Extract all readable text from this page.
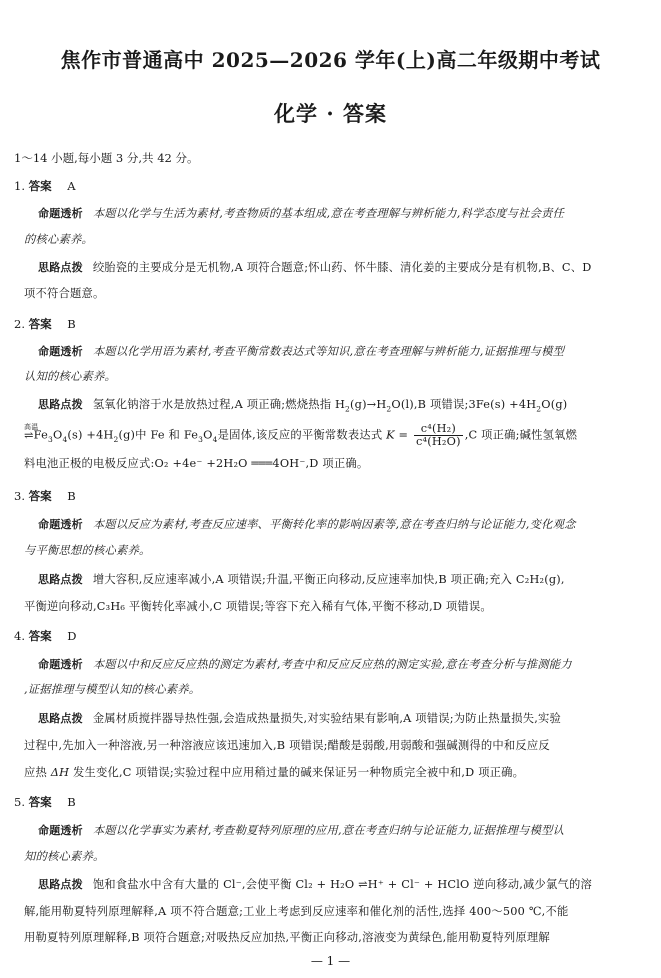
焦作市普通高中 2025—2026 学年(上)高二年级期中考试
化学 · 答案
1～14 小题,每小题 3 分,共 42 分。
1. 答案 A
命题透析 本题以化学与生活为素材,考查物质的基本组成,意在考查理解与辨析能力,科学态度与社会责任
的核心素养。
思路点拨 绞胎瓷的主要成分是无机物,A 项符合题意;怀山药、怀牛膝、清化姜的主要成分是有机物,B、C、D
项不符合题意。
2. 答案 B
命题透析 本题以化学用语为素材,考查平衡常数表达式等知识,意在考查理解与辨析能力,证据推理与模型
认知的核心素养。
思路点拨 氢氧化钠溶于水是放热过程,A 项正确;燃烧热指 $H_2(g)\to H_2O(l),B$ 项错误;3Fe(s) $+4H_2O(g)$
高温
$\rightleftharpoons Fe_3O_4(s) +4H_2(g)$中 Fe 和 $Fe_3O_4$是固体,该反应的平衡常数表达式 $K = \frac{\text{c⁴(H₂)}}{\text{c⁴(H₂O)}} ,C$ 项正确;碱性氢氧燃
料电池正极的电极反应式:O₂ +4e⁻ +2H₂O ═══4OH⁻,D 项正确。
3. 答案 B
命题透析 本题以反应为素材,考查反应速率、平衡转化率的影响因素等,意在考查归纳与论证能力,变化观念
与平衡思想的核心素养。
思路点拨 增大容积,反应速率减小,A 项错误;升温,平衡正向移动,反应速率加快,B 项正确;充入 C₂H₂(g),
平衡逆向移动,C₃H₆ 平衡转化率减小,C 项错误;等容下充入稀有气体,平衡不移动,D 项错误。
4. 答案 D
命题透析 本题以中和反应反应热的测定为素材,考查中和反应反应热的测定实验,意在考查分析与推测能力
,证据推理与模型认知的核心素养。
思路点拨 金属材质搅拌器导热性强,会造成热量损失,对实验结果有影响,A 项错误;为防止热量损失,实验
过程中,先加入一种溶液,另一种溶液应该迅速加入,B 项错误;醋酸是弱酸,用弱酸和强碱测得的中和反应反
应热 ΔH 发生变化,C 项错误;实验过程中应用稍过量的碱来保证另一种物质完全被中和,D 项正确。
5. 答案 B
命题透析 本题以化学事实为素材,考查勒夏特列原理的应用,意在考查归纳与论证能力,证据推理与模型认
知的核心素养。
思路点拨 饱和食盐水中含有大量的 Cl⁻,会使平衡 Cl₂ + H₂O ⇌H⁺ + Cl⁻ + HClO 逆向移动,减少氯气的溶
解,能用勒夏特列原理解释,A 项不符合题意;工业上考虑到反应速率和催化剂的活性,选择 400～500 ℃,不能
用勒夏特列原理解释,B 项符合题意;对吸热反应加热,平衡正向移动,溶液变为黄绿色,能用勒夏特列原理解
— 1 —
